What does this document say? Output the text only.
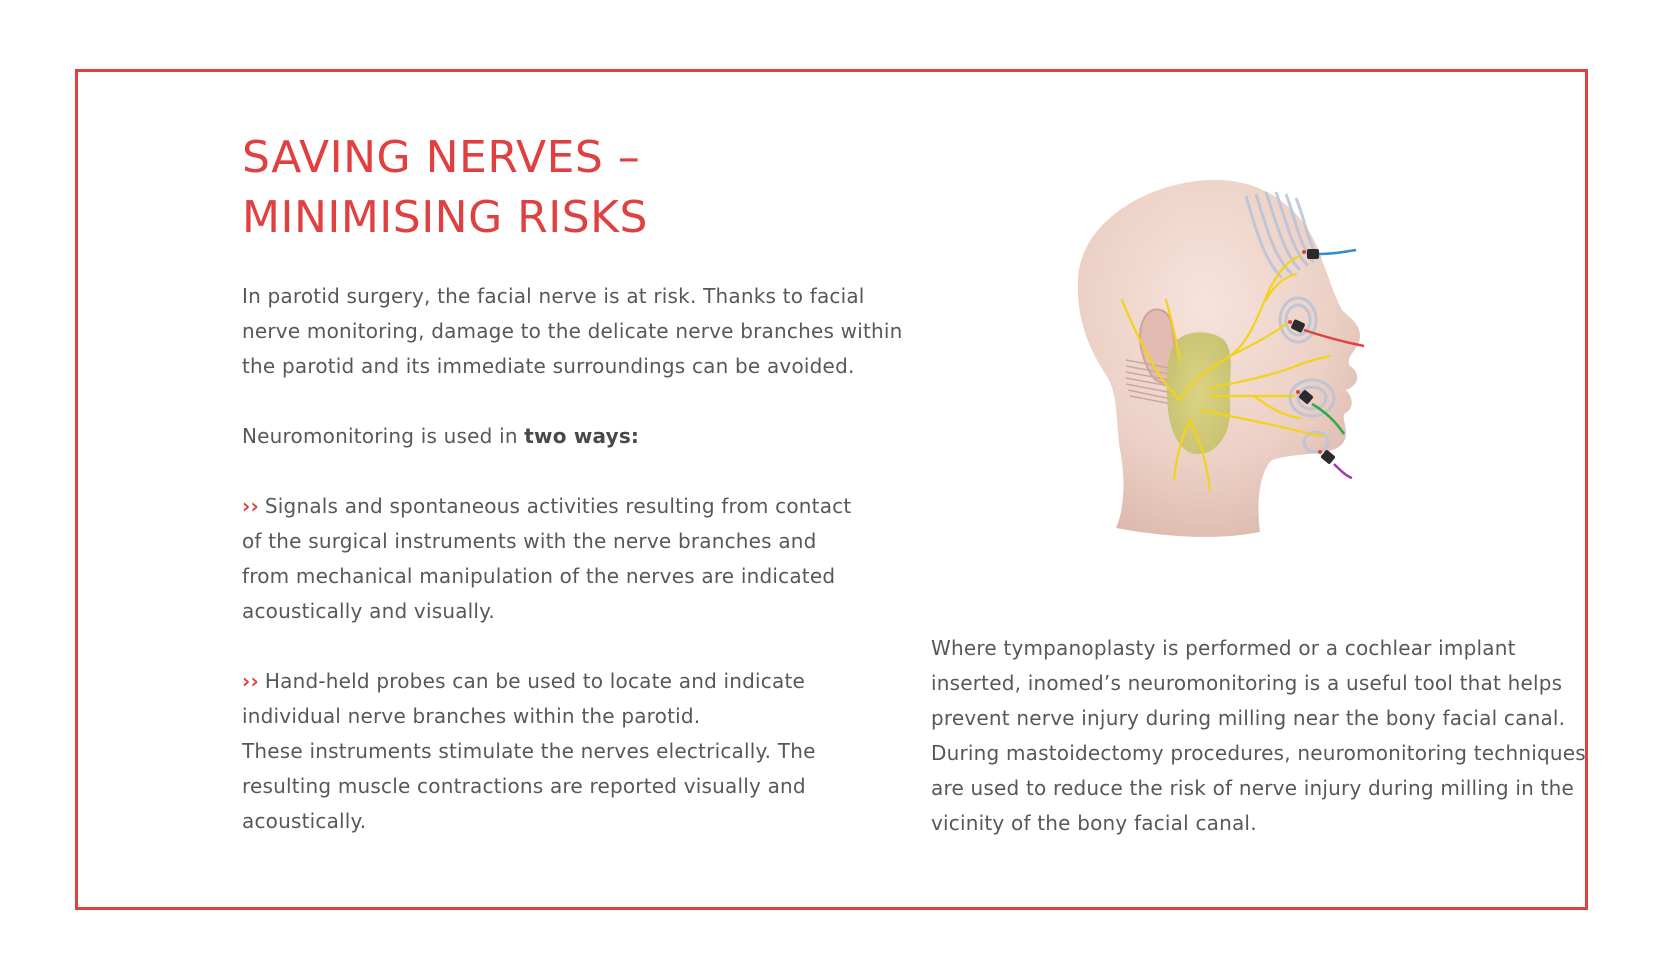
SAVING NERVES –
MINIMISING RISKS

In parotid surgery, the facial nerve is at risk. Thanks to facial
nerve monitoring, damage to the delicate nerve branches within
the parotid and its immediate surroundings can be avoided.

Neuromonitoring is used in two ways:

›› Signals and spontaneous activities resulting from contact
of the surgical instruments with the nerve branches and
from mechanical manipulation of the nerves are indicated
acoustically and visually.

›› Hand-held probes can be used to locate and indicate
individual nerve branches within the parotid.
These instruments stimulate the nerves electrically. The
resulting muscle contractions are reported visually and
acoustically.

Where tympanoplasty is performed or a cochlear implant
inserted, inomed’s neuromonitoring is a useful tool that helps
prevent nerve injury during milling near the bony facial canal.
During mastoidectomy procedures, neuromonitoring techniques
are used to reduce the risk of nerve injury during milling in the
vicinity of the bony facial canal.
